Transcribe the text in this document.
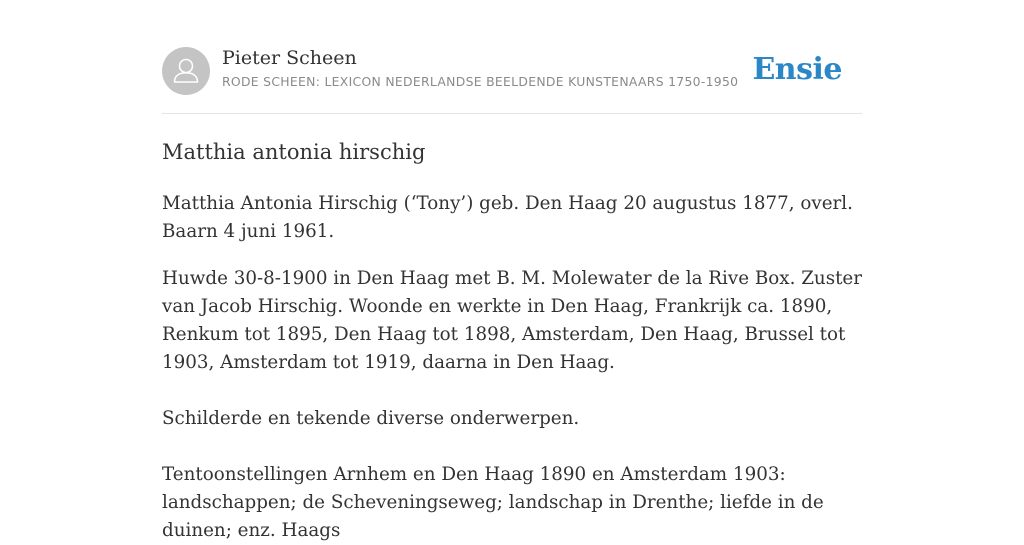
Pieter Scheen
RODE SCHEEN: LEXICON NEDERLANDSE BEELDENDE KUNSTENAARS 1750-1950 Ensie
Matthia antonia hirschig

Matthia Antonia Hirschig (‘Tony’) geb. Den Haag 20 augustus 1877, overl. Baarn 4 juni 1961.

Huwde 30-8-1900 in Den Haag met B. M. Molewater de la Rive Box. Zuster van Jacob Hirschig. Woonde en werkte in Den Haag, Frankrijk ca. 1890, Renkum tot 1895, Den Haag tot 1898, Amsterdam, Den Haag, Brussel tot 1903, Amsterdam tot 1919, daarna in Den Haag.

Schilderde en tekende diverse onderwerpen.

Tentoonstellingen Arnhem en Den Haag 1890 en Amsterdam 1903: landschappen; de Scheveningseweg; landschap in Drenthe; liefde in de duinen; enz. Haags
